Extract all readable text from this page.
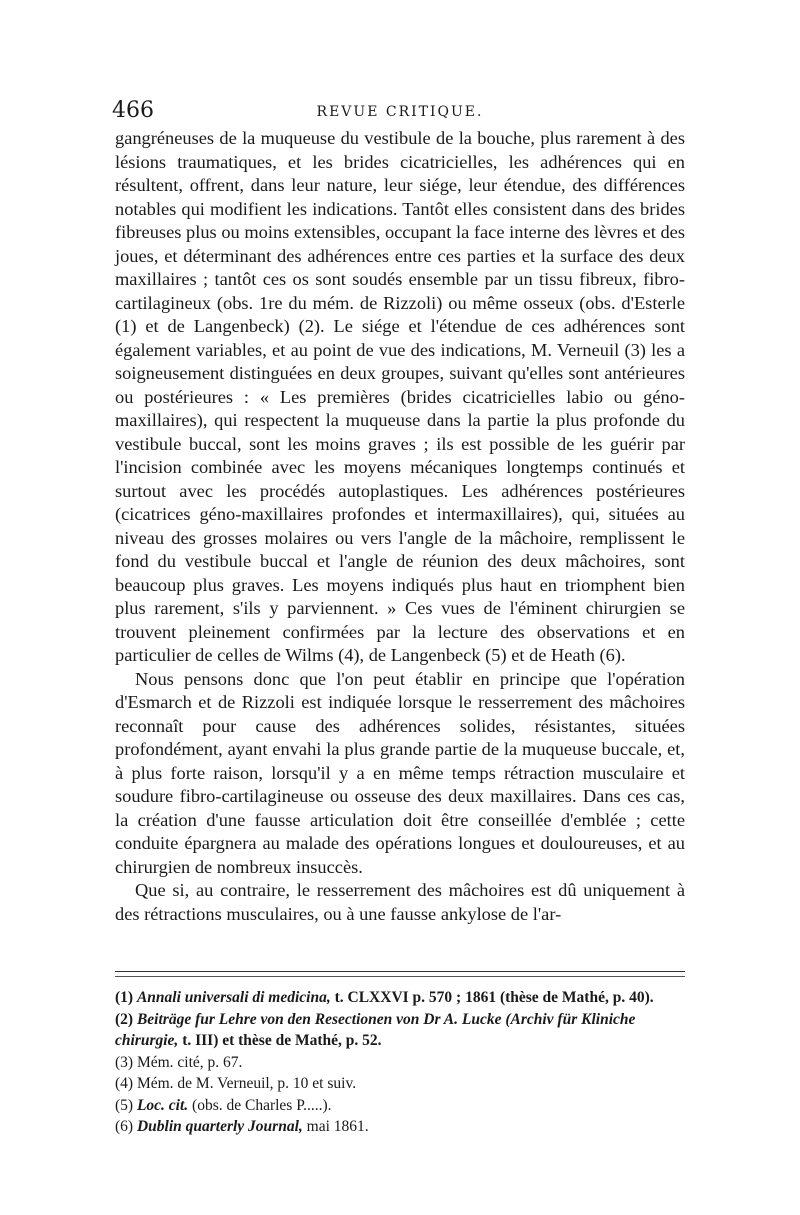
466	REVUE CRITIQUE.

gangréneuses de la muqueuse du vestibule de la bouche, plus rarement à des lésions traumatiques, et les brides cicatricielles, les adhérences qui en résultent, offrent, dans leur nature, leur siége, leur étendue, des différences notables qui modifient les indications. Tantôt elles consistent dans des brides fibreuses plus ou moins extensibles, occupant la face interne des lèvres et des joues, et déterminant des adhérences entre ces parties et la surface des deux maxillaires ; tantôt ces os sont soudés ensemble par un tissu fibreux, fibro-cartilagineux (obs. 1re du mém. de Rizzoli) ou même osseux (obs. d'Esterle (1) et de Langenbeck) (2). Le siége et l'étendue de ces adhérences sont également variables, et au point de vue des indications, M. Verneuil (3) les a soigneusement distinguées en deux groupes, suivant qu'elles sont antérieures ou postérieures : « Les premières (brides cicatricielles labio ou géno-maxillaires), qui respectent la muqueuse dans la partie la plus profonde du vestibule buccal, sont les moins graves ; ils est possible de les guérir par l'incision combinée avec les moyens mécaniques longtemps continués et surtout avec les procédés autoplastiques. Les adhérences postérieures (cicatrices géno-maxillaires profondes et intermaxillaires), qui, situées au niveau des grosses molaires ou vers l'angle de la mâchoire, remplissent le fond du vestibule buccal et l'angle de réunion des deux mâchoires, sont beaucoup plus graves. Les moyens indiqués plus haut en triomphent bien plus rarement, s'ils y parviennent. » Ces vues de l'éminent chirurgien se trouvent pleinement confirmées par la lecture des observations et en particulier de celles de Wilms (4), de Langenbeck (5) et de Heath (6).

Nous pensons donc que l'on peut établir en principe que l'opération d'Esmarch et de Rizzoli est indiquée lorsque le resserrement des mâchoires reconnaît pour cause des adhérences solides, résistantes, situées profondément, ayant envahi la plus grande partie de la muqueuse buccale, et, à plus forte raison, lorsqu'il y a en même temps rétraction musculaire et soudure fibro-cartilagineuse ou osseuse des deux maxillaires. Dans ces cas, la création d'une fausse articulation doit être conseillée d'emblée ; cette conduite épargnera au malade des opérations longues et douloureuses, et au chirurgien de nombreux insuccès.

Que si, au contraire, le resserrement des mâchoires est dû uniquement à des rétractions musculaires, ou à une fausse ankylose de l'ar-

(1) Annali universali di medicina, t. CLXXVI p. 570 ; 1861 (thèse de Mathé, p. 40).

(2) Beiträge fur Lehre von den Resectionen von Dr A. Lucke (Archiv für Kliniche chirurgie, t. III) et thèse de Mathé, p. 52.

(3) Mém. cité, p. 67.

(4) Mém. de M. Verneuil, p. 10 et suiv.

(5) Loc. cit. (obs. de Charles P.....).

(6) Dublin quarterly Journal, mai 1861.
